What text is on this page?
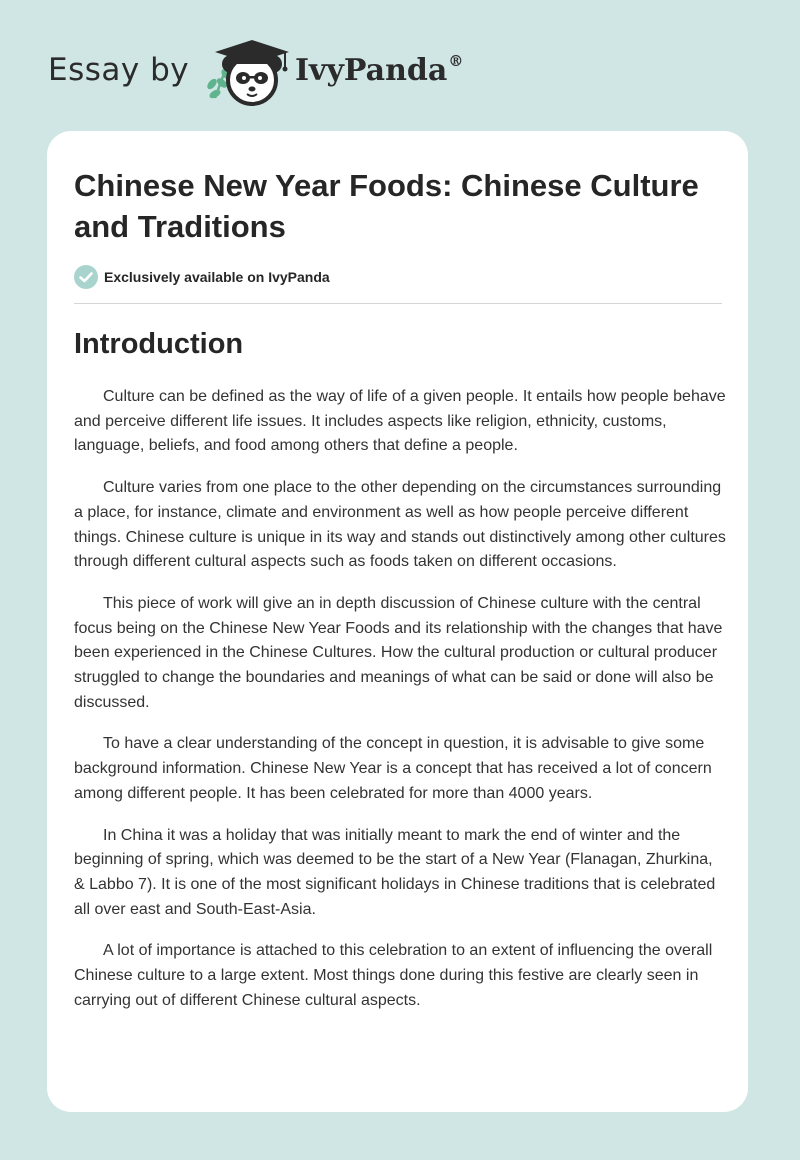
Essay by	IvyPanda®
Chinese New Year Foods: Chinese Culture and Traditions
Exclusively available on IvyPanda
Introduction

Culture can be defined as the way of life of a given people. It entails how people behave and perceive different life issues. It includes aspects like religion, ethnicity, customs, language, beliefs, and food among others that define a people.

Culture varies from one place to the other depending on the circumstances surrounding a place, for instance, climate and environment as well as how people perceive different things. Chinese culture is unique in its way and stands out distinctively among other cultures through different cultural aspects such as foods taken on different occasions.

This piece of work will give an in depth discussion of Chinese culture with the central focus being on the Chinese New Year Foods and its relationship with the changes that have been experienced in the Chinese Cultures. How the cultural production or cultural producer struggled to change the boundaries and meanings of what can be said or done will also be discussed.

To have a clear understanding of the concept in question, it is advisable to give some background information. Chinese New Year is a concept that has received a lot of concern among different people. It has been celebrated for more than 4000 years.

In China it was a holiday that was initially meant to mark the end of winter and the beginning of spring, which was deemed to be the start of a New Year (Flanagan, Zhurkina, & Labbo 7). It is one of the most significant holidays in Chinese traditions that is celebrated all over east and South-East-Asia.

A lot of importance is attached to this celebration to an extent of influencing the overall Chinese culture to a large extent. Most things done during this festive are clearly seen in carrying out of different Chinese cultural aspects.
